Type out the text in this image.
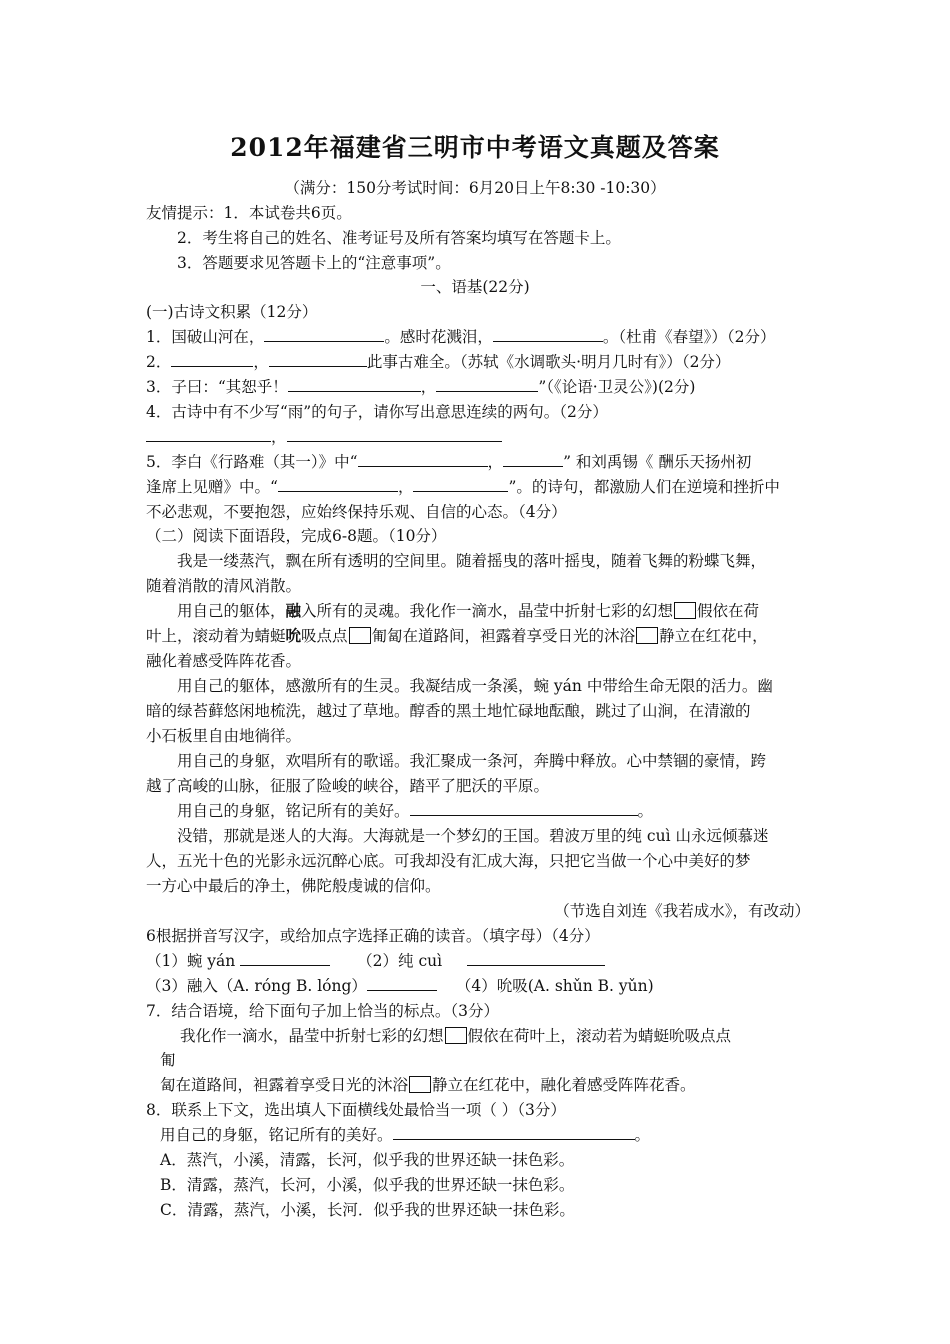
2012年福建省三明市中考语文真题及答案
（满分：150分考试时间：6月20日上午8:30 -10:30）
友情提示：1．本试卷共6页。
2．考生将自己的姓名、准考证号及所有答案均填写在答题卡上。
3．答题要求见答题卡上的“注意事项”。
一、语基(22分)
(一)古诗文积累（12分）
1．国破山河在，	。感时花溅泪，	。（杜甫《春望》）（2分）
2．	，	此事古难全。（苏轼《水调歌头·明月几时有》）（2分）
3．子曰：“其恕乎！	，	”（《论语·卫灵公》)(2分)
4．古诗中有不少写“雨”的句子，请你写出意思连续的两句。（2分）
，
5．李白《行路难（其一）》中“	，	” 和刘禹锡《 酬乐天扬州初
逢席上见赠》中。“	，	”。的诗句，都激励人们在逆境和挫折中
不必悲观，不要抱怨，应始终保持乐观、自信的心态。（4分）
（二）阅读下面语段，完成6-8题。（10分）
我是一缕蒸汽，飘在所有透明的空间里。随着摇曳的落叶摇曳，随着飞舞的粉蝶飞舞，
随着消散的清风消散。
用自己的躯体，融入所有的灵魂。我化作一滴水，晶莹中折射七彩的幻想 假依在荷
叶上，滚动着为蜻蜓吮吸点点 匍匐在道路间，袒露着享受日光的沐浴 静立在红花中，
融化着感受阵阵花香。
用自己的躯体，感激所有的生灵。我凝结成一条溪，蜿 yán 中带给生命无限的活力。幽
暗的绿苔藓悠闲地梳洗，越过了草地。醇香的黑土地忙碌地酝酿，跳过了山涧，在清澈的
小石板里自由地徜徉。
用自己的身躯，欢唱所有的歌谣。我汇聚成一条河，奔腾中释放。心中禁锢的豪情，跨
越了高峻的山脉，征服了险峻的峡谷，踏平了肥沃的平原。
用自己的身躯，铭记所有的美好。	。
没错，那就是迷人的大海。大海就是一个梦幻的王国。碧波万里的纯 cuì 山永远倾慕迷
人，五光十色的光影永远沉醉心底。可我却没有汇成大海，只把它当做一个心中美好的梦
一方心中最后的净土，佛陀般虔诚的信仰。
（节选自刘连《我若成水》，有改动）
6根据拼音写汉字，或给加点字选择正确的读音。（填字母）（4分）
（1）蜿 yán	（2）纯 cuì
（3）融入（A. róng B. lóng）	（4）吮吸(A. shǔn B. yǔn)
7．结合语境，给下面句子加上恰当的标点。（3分）
我化作一滴水，晶莹中折射七彩的幻想 假依在荷叶上，滚动若为蜻蜓吮吸点点
匍
匐在道路间，袒露着享受日光的沐浴 静立在红花中，融化着感受阵阵花香。
8．联系上下文，选出填人下面横线处最恰当一项（ ）（3分）
用自己的身躯，铭记所有的美好。	。
A．蒸汽，小溪，清露，长河，似乎我的世界还缺一抹色彩。
B．清露，蒸汽，长河，小溪，似乎我的世界还缺一抹色彩。
C．清露，蒸汽，小溪，长河．似乎我的世界还缺一抹色彩。
